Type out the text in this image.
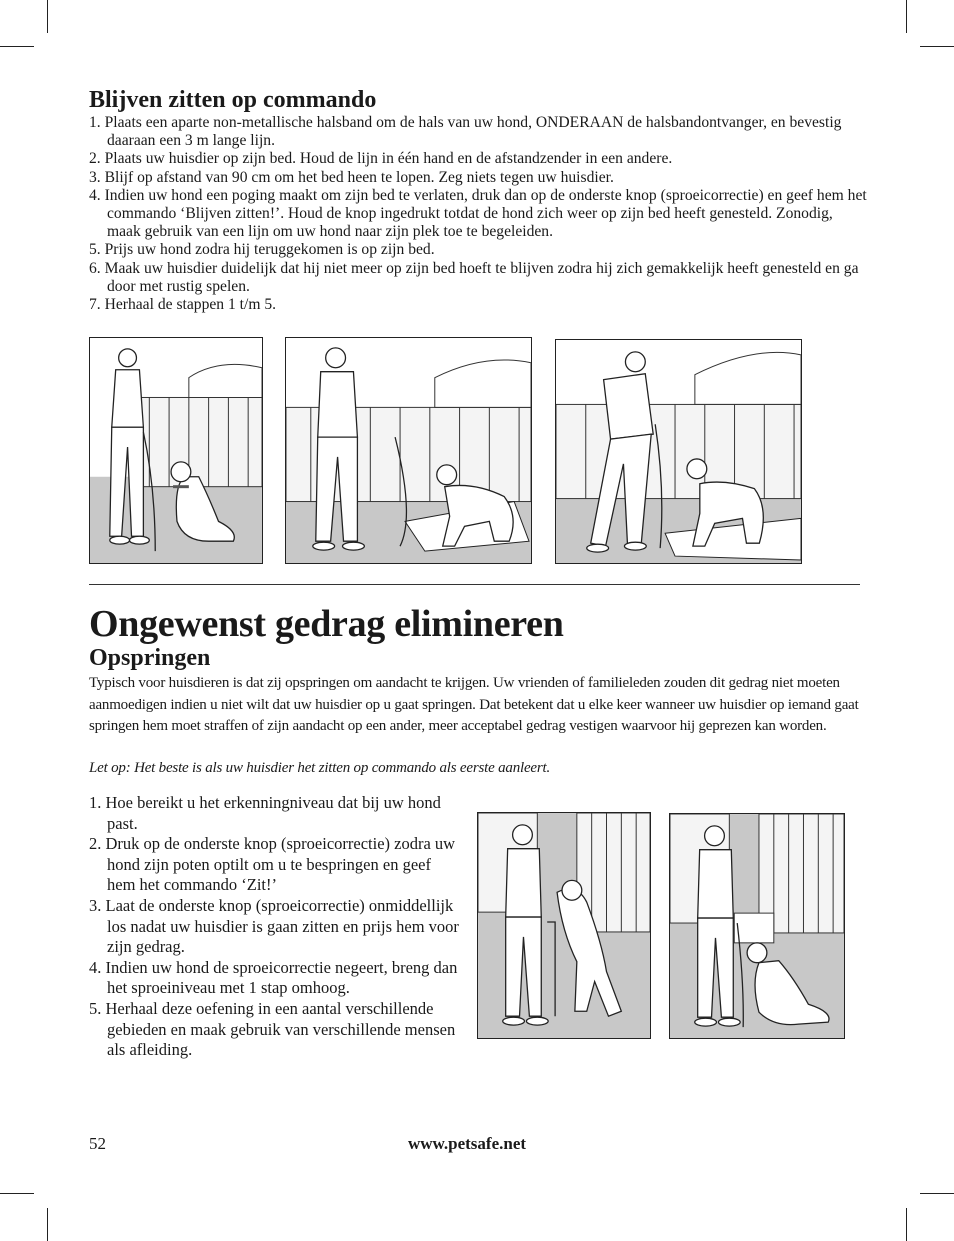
Blijven zitten op commando
1. Plaats een aparte non-metallische halsband om de hals van uw hond, ONDERAAN de halsbandontvanger, en bevestig daaraan een 3 m lange lijn.
2. Plaats uw huisdier op zijn bed. Houd de lijn in één hand en de afstandzender in een andere.
3. Blijf op afstand van 90 cm om het bed heen te lopen. Zeg niets tegen uw huisdier.
4. Indien uw hond een poging maakt om zijn bed te verlaten, druk dan op de onderste knop (sproeicorrectie) en geef hem het commando ‘Blijven zitten!’. Houd de knop ingedrukt totdat de hond zich weer op zijn bed heeft genesteld. Zonodig, maak gebruik van een lijn om uw hond naar zijn plek toe te begeleiden.
5. Prijs uw hond zodra hij teruggekomen is op zijn bed.
6. Maak uw huisdier duidelijk dat hij niet meer op zijn bed hoeft te blijven zodra hij zich gemakkelijk heeft genesteld en ga door met rustig spelen.
7. Herhaal de stappen 1 t/m 5.
Ongewenst gedrag elimineren
Opspringen

Typisch voor huisdieren is dat zij opspringen om aandacht te krijgen. Uw vrienden of familieleden zouden dit gedrag niet moeten aanmoedigen indien u niet wilt dat uw huisdier op u gaat springen. Dat betekent dat u elke keer wanneer uw huisdier op iemand gaat springen hem moet straffen of zijn aandacht op een ander, meer acceptabel gedrag vestigen waarvoor hij geprezen kan worden.

Let op: Het beste is als uw huisdier het zitten op commando als eerste aanleert.

1. Hoe bereikt u het erkenningniveau dat bij uw hond past.
2. Druk op de onderste knop (sproeicorrectie) zodra uw hond zijn poten optilt om u te bespringen en geef hem het commando ‘Zit!’
3. Laat de onderste knop (sproeicorrectie) onmiddellijk los nadat uw huisdier is gaan zitten en prijs hem voor zijn gedrag.
4. Indien uw hond de sproeicorrectie negeert, breng dan het sproeiniveau met 1 stap omhoog.
5. Herhaal deze oefening in een aantal verschillende gebieden en maak gebruik van verschillende mensen als afleiding.
52	www.petsafe.net
